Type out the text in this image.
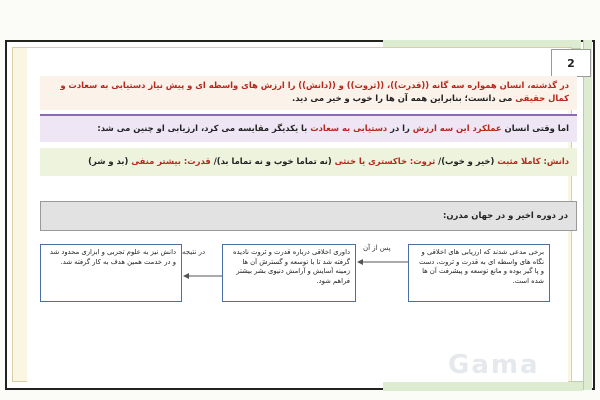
2
در گذشته، انسان همواره سه گانه ((قدرت))، ((ثروت)) و ((دانش)) را ارزش های واسطه ای و پیش نیاز دستیابی به سعادت و کمال حقیقی می دانست؛ بنابراین همه آن ها را خوب و خیر می دید.
اما وقتی انسان عملکرد این سه ارزش را در دستیابی به سعادت با یکدیگر مقایسه می کرد، ارزیابی او چنین می شد:
دانش: کاملا مثبت (خیر و خوب)/ ثروت: خاکستری یا خنثی (نه تماما خوب و نه تماما بد)/ قدرت: بیشتر منفی (بد و شر)
در دوره اخیر و در جهان مدرن:
برخی مدعی شدند که ارزیابی های اخلاقی و نگاه های واسطه ای به قدرت و ثروت، دست و پا گیر بوده و مانع توسعه و پیشرفت آن ها شده است.
داوری اخلاقی درباره قدرت و ثروت نادیده گرفته شد تا با توسعه و گسترش آن ها زمینه آسایش و آرامش دنیوی بشر بیشتر فراهم شود.
دانش نیز به علوم تجربی و ابزاری محدود شد و در خدمت همین هدف به کار گرفته شد.
پس از آن
در نتیجه
Gama
